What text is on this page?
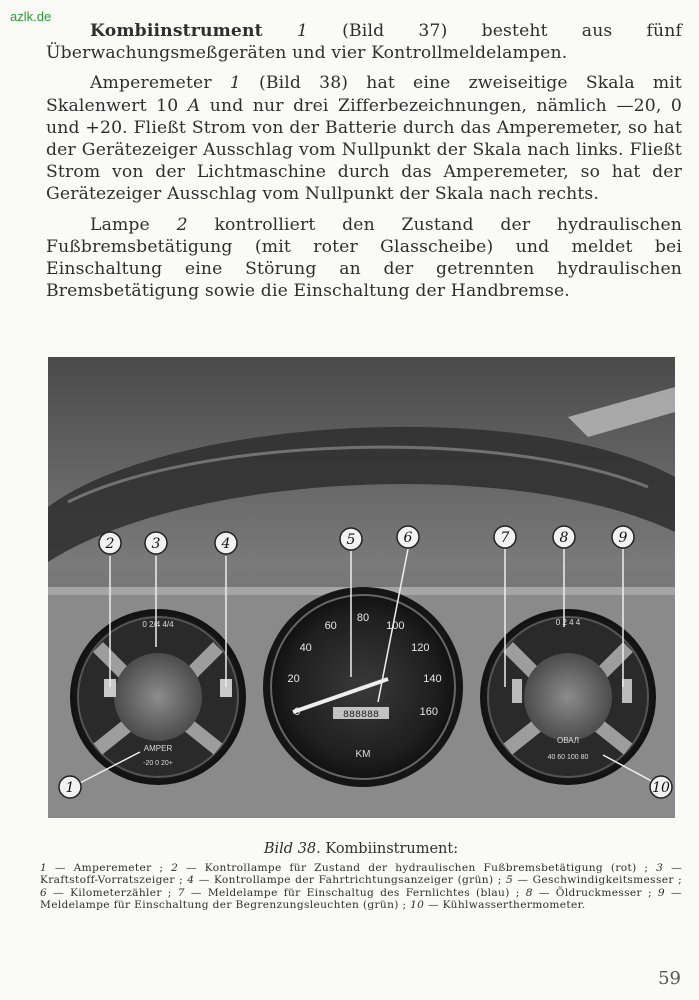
azlk.de

Kombiinstrument 1 (Bild 37) besteht aus fünf Überwachungsmeßgeräten und vier Kontrollmeldelampen.

Amperemeter 1 (Bild 38) hat eine zweiseitige Skala mit Skalenwert 10 A und nur drei Zifferbezeichnungen, nämlich —20, 0 und +20. Fließt Strom von der Batterie durch das Amperemeter, so hat der Gerätezeiger Ausschlag vom Nullpunkt der Skala nach links. Fließt Strom von der Lichtmaschine durch das Amperemeter, so hat der Gerätezeiger Ausschlag vom Nullpunkt der Skala nach rechts.

Lampe 2 kontrolliert den Zustand der hydraulischen Fußbremsbetätigung (mit roter Glasscheibe) und meldet bei Einschaltung eine Störung an der getrennten hydraulischen Bremsbetätigung sowie die Einschaltung der Handbremse.

AMPER
-20 0 20+
0 2/4 4/4
20
40
60
80
100
120
140
160
888888
KM
ОВАЛ
40 60 100 80
0 2 4 4
1
2	3	4	5	6	7	8	9
10
Bild 38. Kombiinstrument:
1 — Amperemeter ; 2 — Kontrollampe für Zustand der hydraulischen Fußbremsbetätigung (rot) ; 3 — Kraftstoff-Vorratszeiger ; 4 — Kontrollampe der Fahrtrichtungsanzeiger (grün) ; 5 — Geschwindigkeitsmesser ; 6 — Kilometerzähler ; 7 — Meldelampe für Einschaltug des Fernlichtes (blau) ; 8 — Öldruckmesser ; 9 — Meldelampe für Einschaltung der Begrenzungsleuchten (grün) ; 10 — Kühlwasserthermometer.
59
